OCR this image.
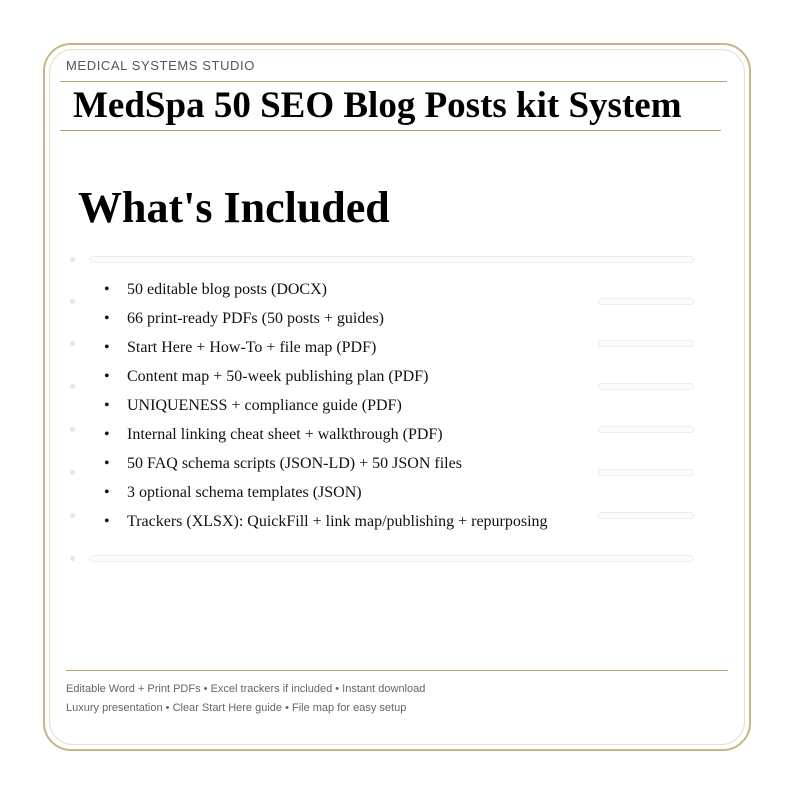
MEDICAL SYSTEMS STUDIO
MedSpa 50 SEO Blog Posts kit System
What's Included
• 50 editable blog posts (DOCX)
• 66 print-ready PDFs (50 posts + guides)
• Start Here + How-To + file map (PDF)
• Content map + 50-week publishing plan (PDF)
• UNIQUENESS + compliance guide (PDF)
• Internal linking cheat sheet + walkthrough (PDF)
• 50 FAQ schema scripts (JSON-LD) + 50 JSON files
• 3 optional schema templates (JSON)
• Trackers (XLSX): QuickFill + link map/publishing + repurposing
Editable Word + Print PDFs • Excel trackers if included • Instant download
Luxury presentation • Clear Start Here guide • File map for easy setup
